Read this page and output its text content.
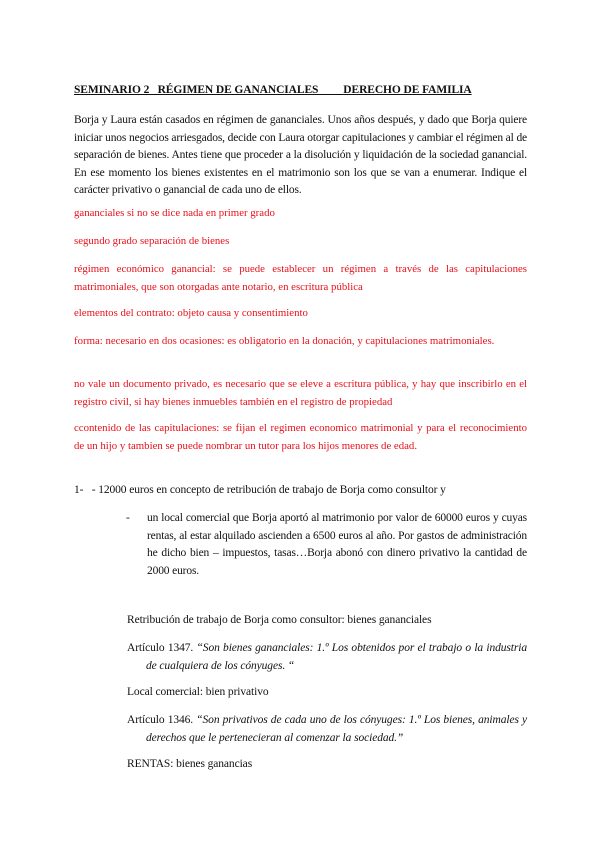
SEMINARIO 2   RÉGIMEN DE GANANCIALES         DERECHO DE FAMILIA
Borja y Laura están casados en régimen de gananciales. Unos años después, y dado que Borja quiere iniciar unos negocios arriesgados, decide con Laura otorgar capitulaciones y cambiar el régimen al de separación de bienes. Antes tiene que proceder a la disolución y liquidación de la sociedad ganancial. En ese momento los bienes existentes en el matrimonio son los que se van a enumerar. Indique el carácter privativo o ganancial de cada uno de ellos.
gananciales si no se dice nada en primer grado
segundo grado separación de bienes
régimen económico ganancial: se puede establecer un régimen a través de las capitulaciones matrimoniales, que son otorgadas ante notario, en escritura pública
elementos del contrato: objeto causa y consentimiento
forma: necesario en dos ocasiones: es obligatorio en la donación, y capitulaciones matrimoniales.
no vale un documento privado, es necesario que se eleve a escritura pública, y hay que inscribirlo en el registro civil, si hay bienes inmuebles también en el registro de propiedad
ccontenido de las capitulaciones: se fijan el regimen economico matrimonial y para el reconocimiento de un hijo y tambien se puede nombrar un tutor para los hijos menores de edad.
1-   - 12000 euros en concepto de retribución de trabajo de Borja como consultor y
- un local comercial que Borja aportó al matrimonio por valor de 60000 euros y cuyas rentas, al estar alquilado ascienden a 6500 euros al año. Por gastos de administración he dicho bien – impuestos, tasas…Borja abonó con dinero privativo la cantidad de 2000 euros.
Retribución de trabajo de Borja como consultor: bienes gananciales
Artículo 1347. “Son bienes gananciales: 1.º Los obtenidos por el trabajo o la industria de cualquiera de los cónyuges. “
Local comercial: bien privativo
Artículo 1346. “Son privativos de cada uno de los cónyuges: 1.º Los bienes, animales y derechos que le pertenecieran al comenzar la sociedad.”
RENTAS: bienes ganancias
